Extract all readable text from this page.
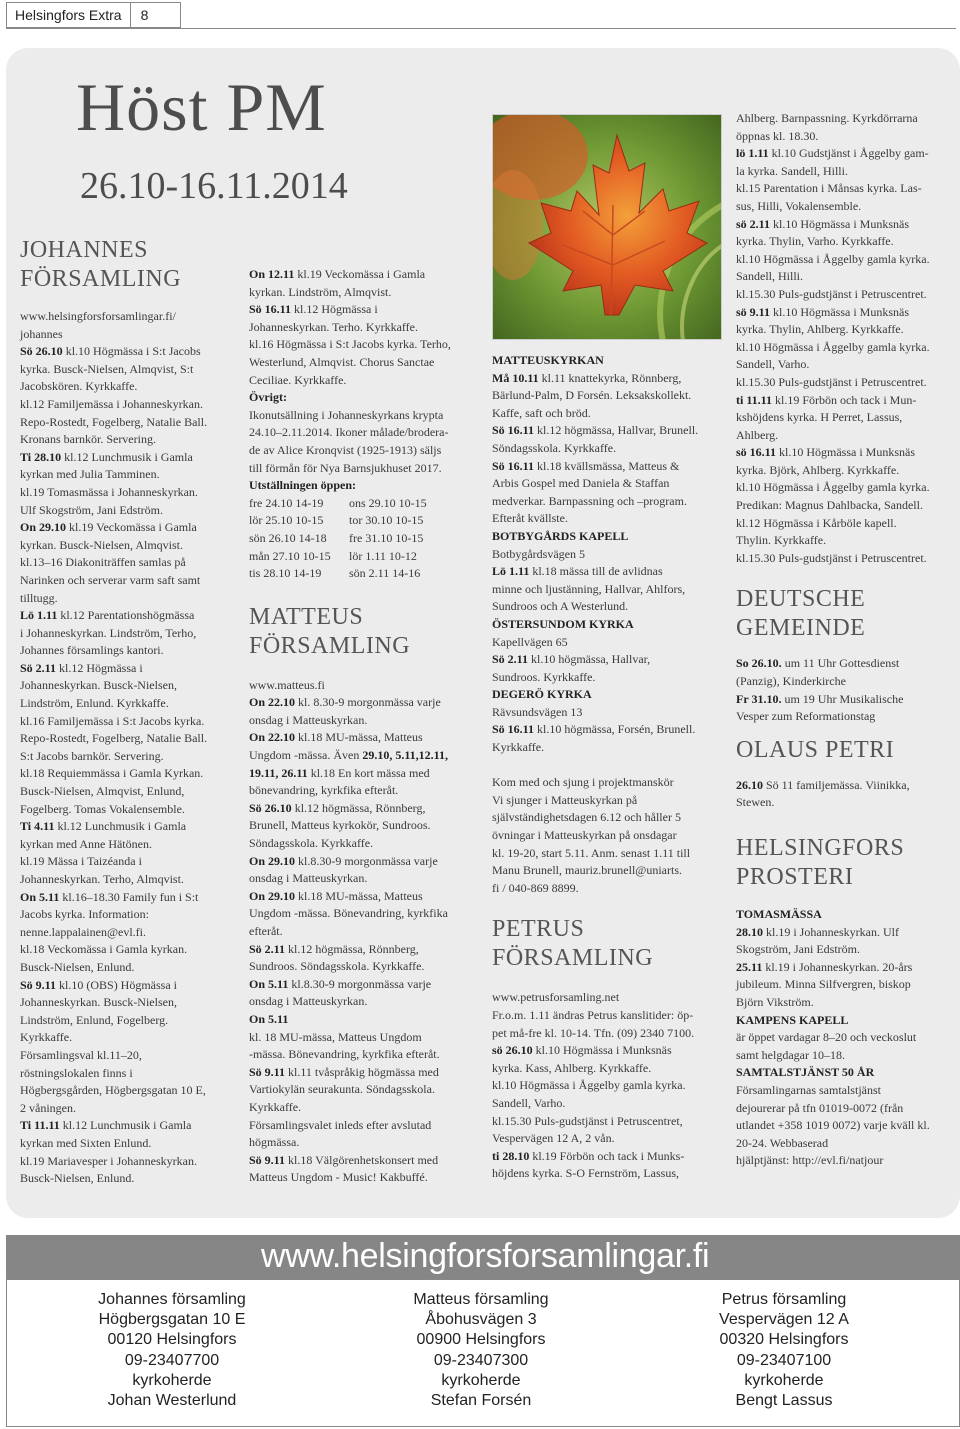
Helsingfors Extra	8
Höst PM
26.10-16.11.2014
JOHANNES
FÖRSAMLING

www.helsingforsforsamlingar.fi/

johannes

Sö 26.10 kl.10 Högmässa i S:t Jacobs

kyrka. Busck-Nielsen, Almqvist, S:t

Jacobskören. Kyrkkaffe.

kl.12 Familjemässa i Johanneskyrkan.

Repo-Rostedt, Fogelberg, Natalie Ball.

Kronans barnkör. Servering.

Ti 28.10 kl.12 Lunchmusik i Gamla

kyrkan med Julia Tamminen.

kl.19 Tomasmässa i Johanneskyrkan.

Ulf Skogström, Jani Edström.

On 29.10 kl.19 Veckomässa i Gamla

kyrkan. Busck-Nielsen, Almqvist.

kl.13–16 Diakoniträffen samlas på

Narinken och serverar varm saft samt

tilltugg.

Lö 1.11 kl.12 Parentationshögmässa

i Johanneskyrkan. Lindström, Terho,

Johannes församlings kantori.

Sö 2.11 kl.12 Högmässa i

Johanneskyrkan. Busck-Nielsen,

Lindström, Enlund. Kyrkkaffe.

kl.16 Familjemässa i S:t Jacobs kyrka.

Repo-Rostedt, Fogelberg, Natalie Ball.

S:t Jacobs barnkör. Servering.

kl.18 Requiemmässa i Gamla Kyrkan.

Busck-Nielsen, Almqvist, Enlund,

Fogelberg. Tomas Vokalensemble.

Ti 4.11 kl.12 Lunchmusik i Gamla

kyrkan med Anne Hätönen.

kl.19 Mässa i Taizéanda i

Johanneskyrkan. Terho, Almqvist.

On 5.11 kl.16–18.30 Family fun i S:t

Jacobs kyrka. Information:

nenne.lappalainen@evl.fi.

kl.18 Veckomässa i Gamla kyrkan.

Busck-Nielsen, Enlund.

Sö 9.11 kl.10 (OBS) Högmässa i

Johanneskyrkan. Busck-Nielsen,

Lindström, Enlund, Fogelberg.

Kyrkkaffe.

Församlingsval kl.11–20,

röstningslokalen finns i

Högbergsgården, Högbergsgatan 10 E,

2 våningen.

Ti 11.11 kl.12 Lunchmusik i Gamla

kyrkan med Sixten Enlund.

kl.19 Mariavesper i Johanneskyrkan.

Busck-Nielsen, Enlund.

On 12.11 kl.19 Veckomässa i Gamla

kyrkan. Lindström, Almqvist.

Sö 16.11 kl.12 Högmässa i

Johanneskyrkan. Terho. Kyrkkaffe.

kl.16 Högmässa i S:t Jacobs kyrka. Terho,

Westerlund, Almqvist. Chorus Sanctae

Ceciliae. Kyrkkaffe.

Övrigt:

Ikonutsällning i Johanneskyrkans krypta

24.10–2.11.2014. Ikoner målade/brodera-

de av Alice Kronqvist (1925-1913) säljs

till förmån för Nya Barnsjukhuset 2017.

Utställningen öppen:

fre 24.10 14-19	ons 29.10 10-15
lör 25.10 10-15	tor 30.10 10-15
sön 26.10 14-18	fre 31.10 10-15
mån 27.10 10-15	lör 1.11 10-12
tis 28.10 14-19	sön 2.11 14-16
MATTEUS
FÖRSAMLING

www.matteus.fi

On 22.10 kl. 8.30-9 morgonmässa varje

onsdag i Matteuskyrkan.

On 22.10 kl.18 MU-mässa, Matteus

Ungdom -mässa. Även 29.10, 5.11,12.11,

19.11, 26.11 kl.18 En kort mässa med

bönevandring, kyrkfika efteråt.

Sö 26.10 kl.12 högmässa, Rönnberg,

Brunell, Matteus kyrkokör, Sundroos.

Söndagsskola. Kyrkkaffe.

On 29.10 kl.8.30-9 morgonmässa varje

onsdag i Matteuskyrkan.

On 29.10 kl.18 MU-mässa, Matteus

Ungdom -mässa. Bönevandring, kyrkfika

efteråt.

Sö 2.11 kl.12 högmässa, Rönnberg,

Sundroos. Söndagsskola. Kyrkkaffe.

On 5.11 kl.8.30-9 morgonmässa varje

onsdag i Matteuskyrkan.

On 5.11

kl. 18 MU-mässa, Matteus Ungdom

-mässa. Bönevandring, kyrkfika efteråt.

Sö 9.11 kl.11 tvåspråkig högmässa med

Vartiokylän seurakunta. Söndagsskola.

Kyrkkaffe.

Församlingsvalet inleds efter avslutad

högmässa.

Sö 9.11 kl.18 Välgörenhetskonsert med

Matteus Ungdom - Music! Kakbuffé.

MATTEUSKYRKAN

Må 10.11 kl.11 knattekyrka, Rönnberg,

Bärlund-Palm, D Forsén. Leksakskollekt.

Kaffe, saft och bröd.

Sö 16.11 kl.12 högmässa, Hallvar, Brunell.

Söndagsskola. Kyrkkaffe.

Sö 16.11 kl.18 kvällsmässa, Matteus &

Arbis Gospel med Daniela & Staffan

medverkar. Barnpassning och –program.

Efteråt kvällste.

BOTBYGÅRDS KAPELL

Botbygårdsvägen 5

Lö 1.11 kl.18 mässa till de avlidnas

minne och ljustänning, Hallvar, Ahlfors,

Sundroos och A Westerlund.

ÖSTERSUNDOM KYRKA

Kapellvägen 65

Sö 2.11 kl.10 högmässa, Hallvar,

Sundroos. Kyrkkaffe.

DEGERÖ KYRKA

Rävsundsvägen 13

Sö 16.11 kl.10 högmässa, Forsén, Brunell.

Kyrkkaffe.

Kom med och sjung i projektmanskör

Vi sjunger i Matteuskyrkan på

självständighetsdagen 6.12 och håller 5

övningar i Matteuskyrkan på onsdagar

kl. 19-20, start 5.11. Anm. senast 1.11 till

Manu Brunell, mauriz.brunell@uniarts.

fi / 040-869 8899.

PETRUS
FÖRSAMLING

www.petrusforsamling.net

Fr.o.m. 1.11 ändras Petrus kanslitider: öp-

pet må-fre kl. 10-14. Tfn. (09) 2340 7100.

sö 26.10 kl.10 Högmässa i Munksnäs

kyrka. Kass, Ahlberg. Kyrkkaffe.

kl.10 Högmässa i Åggelby gamla kyrka.

Sandell, Varho.

kl.15.30 Puls-gudstjänst i Petruscentret,

Vespervägen 12 A, 2 vån.

ti 28.10 kl.19 Förbön och tack i Munks-

höjdens kyrka. S-O Fernström, Lassus,

Ahlberg. Barnpassning. Kyrkdörrarna

öppnas kl. 18.30.

lö 1.11 kl.10 Gudstjänst i Åggelby gam-

la kyrka. Sandell, Hilli.

kl.15 Parentation i Månsas kyrka. Las-

sus, Hilli, Vokalensemble.

sö 2.11 kl.10 Högmässa i Munksnäs

kyrka. Thylin, Varho. Kyrkkaffe.

kl.10 Högmässa i Åggelby gamla kyrka.

Sandell, Hilli.

kl.15.30 Puls-gudstjänst i Petruscentret.

sö 9.11 kl.10 Högmässa i Munksnäs

kyrka. Thylin, Ahlberg. Kyrkkaffe.

kl.10 Högmässa i Åggelby gamla kyrka.

Sandell, Varho.

kl.15.30 Puls-gudstjänst i Petruscentret.

ti 11.11 kl.19 Förbön och tack i Mun-

kshöjdens kyrka. H Perret, Lassus,

Ahlberg.

sö 16.11 kl.10 Högmässa i Munksnäs

kyrka. Björk, Ahlberg. Kyrkkaffe.

kl.10 Högmässa i Åggelby gamla kyrka.

Predikan: Magnus Dahlbacka, Sandell.

kl.12 Högmässa i Kårböle kapell.

Thylin. Kyrkkaffe.

kl.15.30 Puls-gudstjänst i Petruscentret.

DEUTSCHE
GEMEINDE

So 26.10. um 11 Uhr Gottesdienst

(Panzig), Kinderkirche

Fr 31.10. um 19 Uhr Musikalische

Vesper zum Reformationstag

OLAUS PETRI

26.10 Sö 11 familjemässa. Viinikka,

Stewen.

HELSINGFORS
PROSTERI

TOMASMÄSSA

28.10 kl.19 i Johanneskyrkan. Ulf

Skogström, Jani Edström.

25.11 kl.19 i Johanneskyrkan. 20-års

jubileum. Minna Silfvergren, biskop

Björn Vikström.

KAMPENS KAPELL

är öppet vardagar 8–20 och veckoslut

samt helgdagar 10–18.

SAMTALSTJÄNST 50 ÅR

Församlingarnas samtalstjänst

dejourerar på tfn 01019-0072 (från

utlandet +358 1019 0072) varje kväll kl.

20-24. Webbaserad

hjälptjänst: http://evl.fi/natjour

www.helsingforsforsamlingar.fi

Johannes församling

Högbergsgatan 10 E

00120 Helsingfors

09-23407700

kyrkoherde

Johan Westerlund

Matteus församling

Åbohusvägen 3

00900 Helsingfors

09-23407300

kyrkoherde

Stefan Forsén

Petrus församling

Vespervägen 12 A

00320 Helsingfors

09-23407100

kyrkoherde

Bengt Lassus
